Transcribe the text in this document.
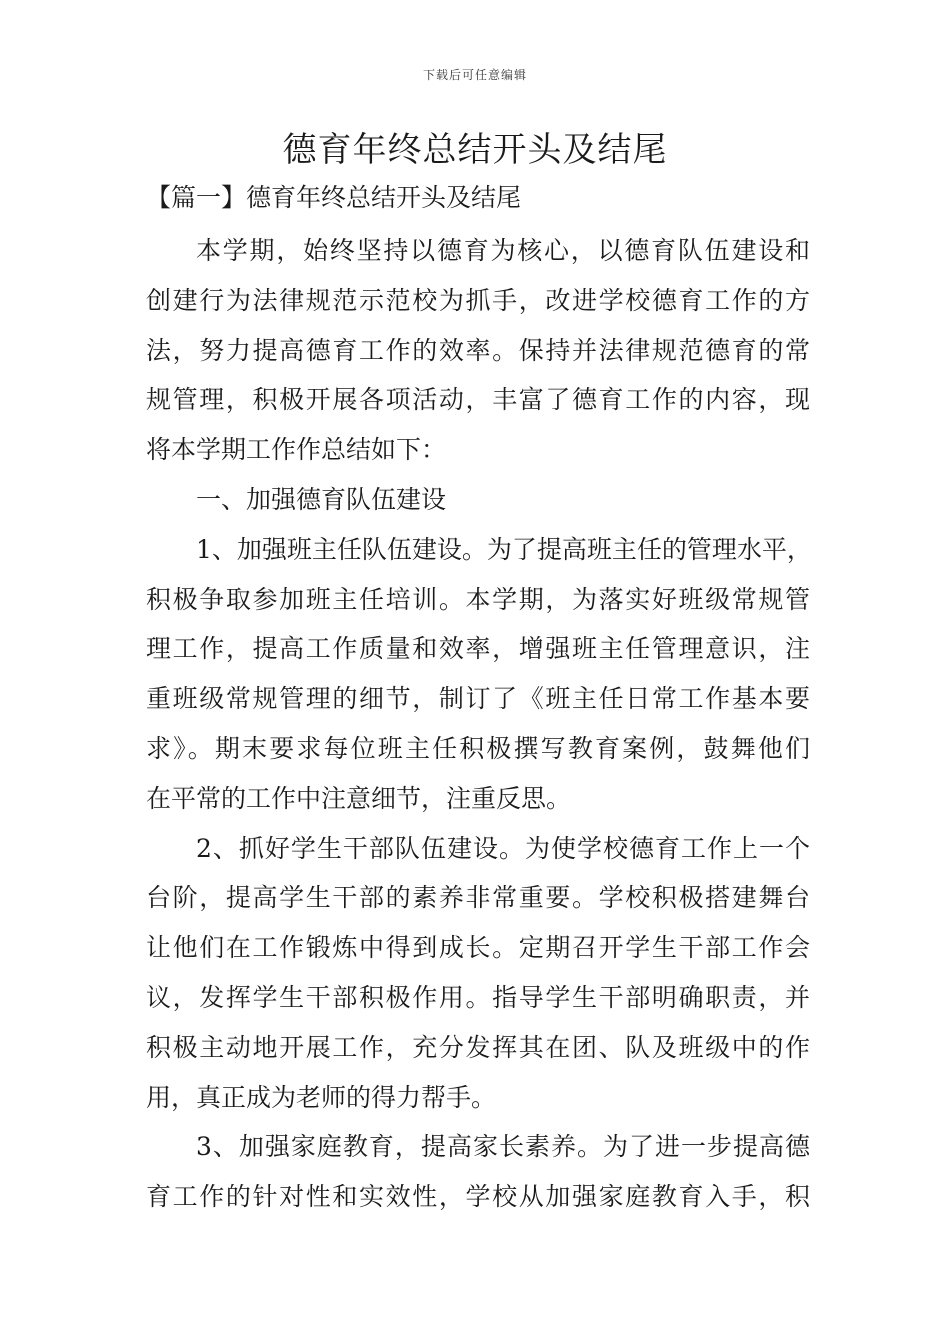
下载后可任意编辑
德育年终总结开头及结尾
【篇一】德育年终总结开头及结尾
本学期，始终坚持以德育为核心，以德育队伍建设和
创建行为法律规范示范校为抓手，改进学校德育工作的方
法，努力提高德育工作的效率。保持并法律规范德育的常
规管理，积极开展各项活动，丰富了德育工作的内容，现
将本学期工作作总结如下：
一、加强德育队伍建设
1、加强班主任队伍建设。为了提高班主任的管理水平，
积极争取参加班主任培训。本学期，为落实好班级常规管
理工作，提高工作质量和效率，增强班主任管理意识，注
重班级常规管理的细节，制订了《班主任日常工作基本要
求》。期末要求每位班主任积极撰写教育案例，鼓舞他们
在平常的工作中注意细节，注重反思。
2、抓好学生干部队伍建设。为使学校德育工作上一个
台阶，提高学生干部的素养非常重要。学校积极搭建舞台
让他们在工作锻炼中得到成长。定期召开学生干部工作会
议，发挥学生干部积极作用。指导学生干部明确职责，并
积极主动地开展工作，充分发挥其在团、队及班级中的作
用，真正成为老师的得力帮手。
3、加强家庭教育，提高家长素养。为了进一步提高德
育工作的针对性和实效性，学校从加强家庭教育入手，积
